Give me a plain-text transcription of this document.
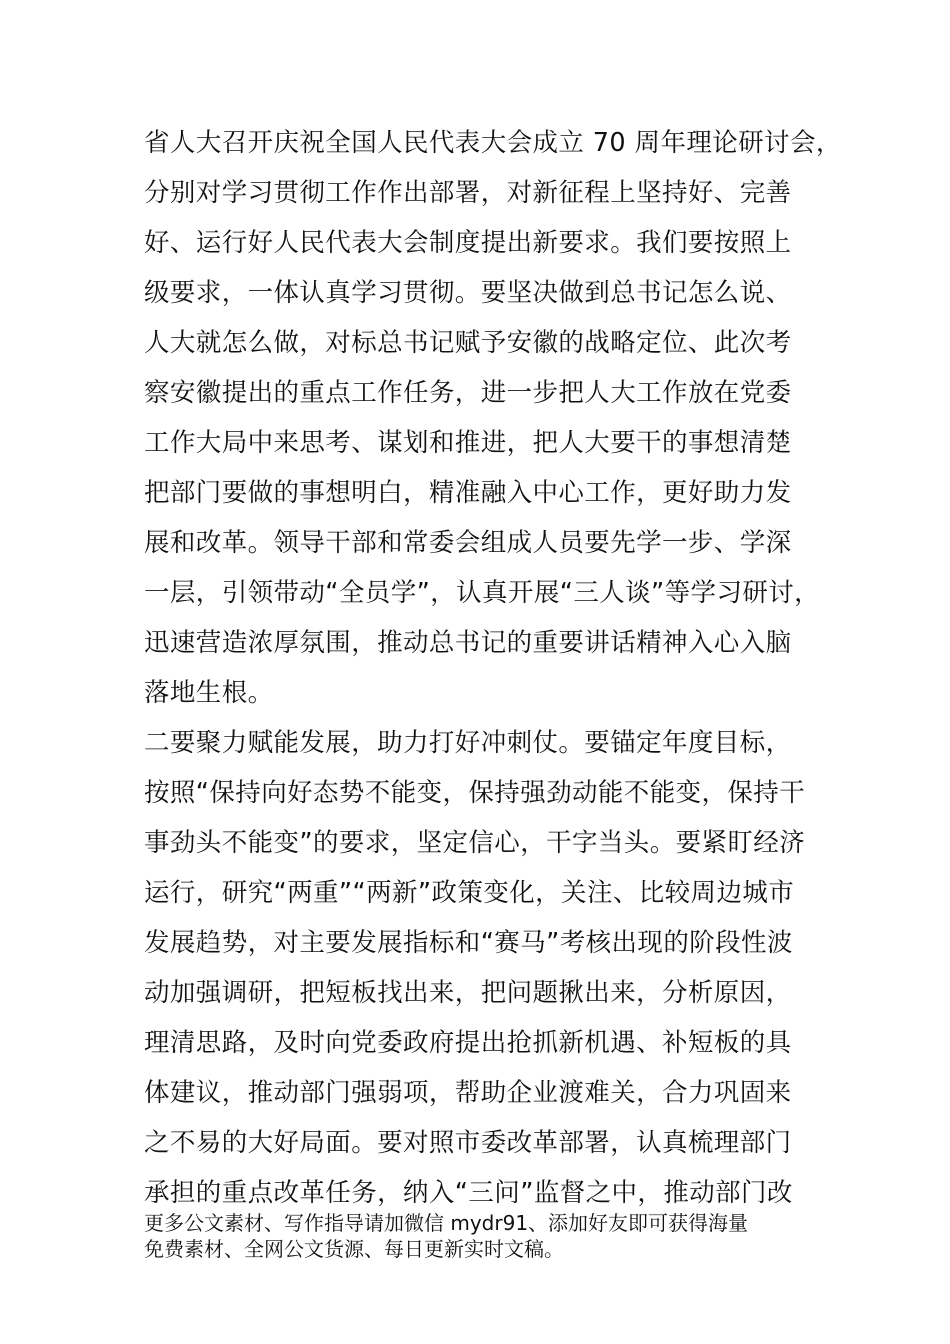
省人大召开庆祝全国人民代表大会成立 70 周年理论研讨会，
分别对学习贯彻工作作出部署，对新征程上坚持好、完善
好、运行好人民代表大会制度提出新要求。我们要按照上
级要求，一体认真学习贯彻。要坚决做到总书记怎么说、
人大就怎么做，对标总书记赋予安徽的战略定位、此次考
察安徽提出的重点工作任务，进一步把人大工作放在党委
工作大局中来思考、谋划和推进，把人大要干的事想清楚
把部门要做的事想明白，精准融入中心工作，更好助力发
展和改革。领导干部和常委会组成人员要先学一步、学深
一层，引领带动“全员学”，认真开展“三人谈”等学习研讨，
迅速营造浓厚氛围，推动总书记的重要讲话精神入心入脑
落地生根。
二要聚力赋能发展，助力打好冲刺仗。要锚定年度目标，
按照“保持向好态势不能变，保持强劲动能不能变，保持干
事劲头不能变”的要求，坚定信心，干字当头。要紧盯经济
运行，研究“两重”“两新”政策变化，关注、比较周边城市
发展趋势，对主要发展指标和“赛马”考核出现的阶段性波
动加强调研，把短板找出来，把问题揪出来，分析原因，
理清思路，及时向党委政府提出抢抓新机遇、补短板的具
体建议，推动部门强弱项，帮助企业渡难关，合力巩固来
之不易的大好局面。要对照市委改革部署，认真梳理部门
承担的重点改革任务，纳入“三问”监督之中，推动部门改
更多公文素材、写作指导请加微信 mydr91、添加好友即可获得海量
免费素材、全网公文货源、每日更新实时文稿。
